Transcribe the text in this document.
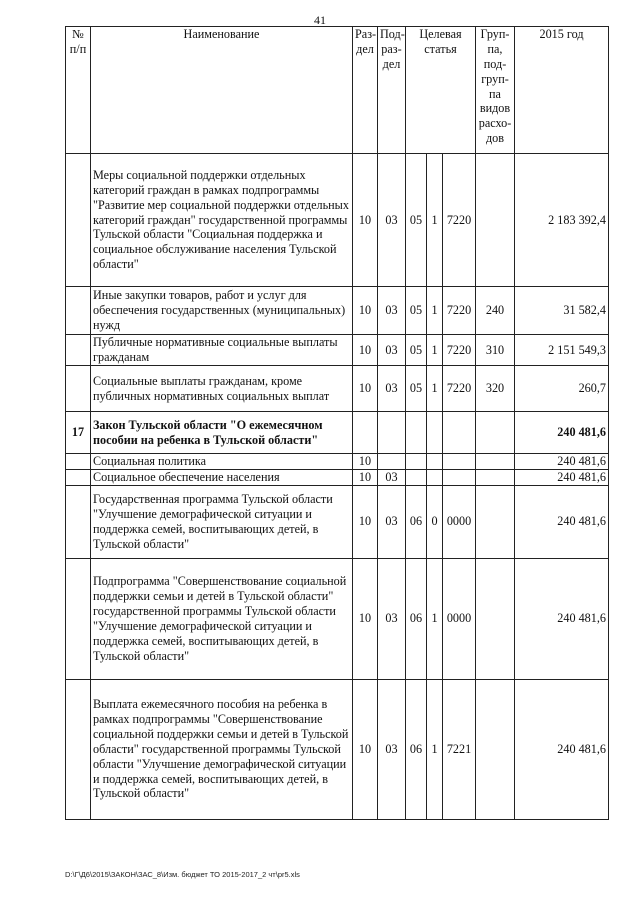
41
№ п/п	Наименование	Раз- дел	Под- раз- дел	Целевая статья			Груп- па, под- груп- па видов расхо- дов	2015 год
	Меры социальной поддержки отдельных категорий граждан в рамках подпрограммы "Развитие мер социальной поддержки отдельных категорий граждан" государственной программы Тульской области "Социальная поддержка и социальное обслуживание населения Тульской области"	10	03	05	1	7220		2 183 392,4
	Иные закупки товаров, работ и услуг для обеспечения государственных (муниципальных) нужд	10	03	05	1	7220	240	31 582,4
	Публичные нормативные социальные выплаты гражданам	10	03	05	1	7220	310	2 151 549,3
	Социальные выплаты гражданам, кроме публичных нормативных социальных выплат	10	03	05	1	7220	320	260,7
17	Закон Тульской области "О ежемесячном пособии на ребенка в Тульской области"							240 481,6
	Социальная политика	10						240 481,6
	Социальное обеспечение населения	10	03					240 481,6
	Государственная программа Тульской области "Улучшение демографической ситуации и поддержка семей, воспитывающих детей, в Тульской области"	10	03	06	0	0000		240 481,6
	Подпрограмма "Совершенствование социальной поддержки семьи и детей в Тульской области" государственной программы Тульской области "Улучшение демографической ситуации и поддержка семей, воспитывающих детей, в Тульской области"	10	03	06	1	0000		240 481,6
	Выплата ежемесячного пособия на ребенка в рамках подпрограммы "Совершенствование социальной поддержки семьи и детей в Тульской области" государственной программы Тульской области "Улучшение демографической ситуации и поддержка семей, воспитывающих детей, в Тульской области"	10	03	06	1	7221		240 481,6
D:\Г\Д6\2015\ЗАКОН\ЗАС_8\Изм. бюджет ТО 2015-2017_2 чт\pr5.xls
